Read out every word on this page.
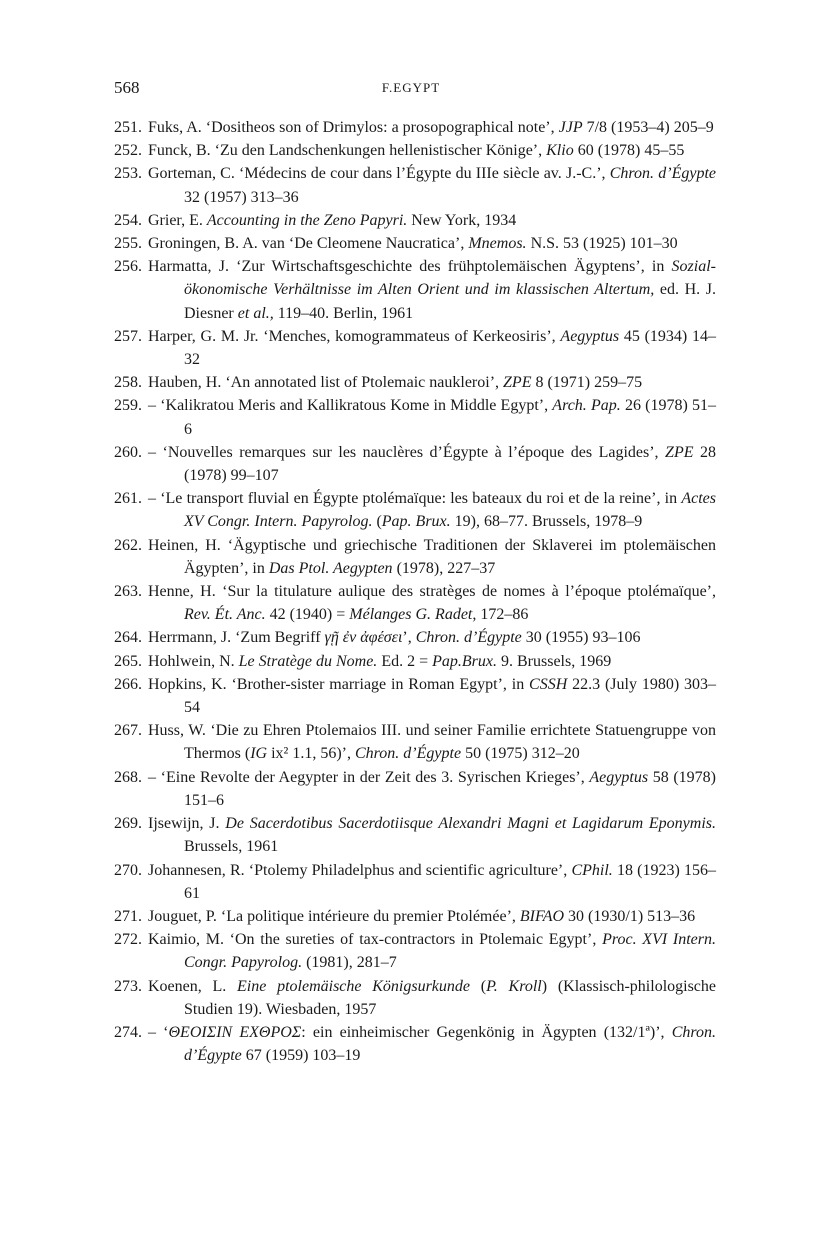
568	F.EGYPT
251. Fuks, A. ‘Dositheos son of Drimylos: a prosopographical note’, JJP 7/8 (1953–4) 205–9
252. Funck, B. ‘Zu den Landschenkungen hellenistischer Könige’, Klio 60 (1978) 45–55
253. Gorteman, C. ‘Médecins de cour dans l’Égypte du IIIe siècle av. J.-C.’, Chron. d’Égypte 32 (1957) 313–36
254. Grier, E. Accounting in the Zeno Papyri. New York, 1934
255. Groningen, B. A. van ‘De Cleomene Naucratica’, Mnemos. N.S. 53 (1925) 101–30
256. Harmatta, J. ‘Zur Wirtschaftsgeschichte des frühptolemäischen Ägyptens’, in Sozial-ökonomische Verhältnisse im Alten Orient und im klassischen Altertum, ed. H. J. Diesner et al., 119–40. Berlin, 1961
257. Harper, G. M. Jr. ‘Menches, komogrammateus of Kerkeosiris’, Aegyptus 45 (1934) 14–32
258. Hauben, H. ‘An annotated list of Ptolemaic naukleroi’, ZPE 8 (1971) 259–75
259. – ‘Kalikratou Meris and Kallikratous Kome in Middle Egypt’, Arch. Pap. 26 (1978) 51–6
260. – ‘Nouvelles remarques sur les nauclères d’Égypte à l’époque des Lagides’, ZPE 28 (1978) 99–107
261. – ‘Le transport fluvial en Égypte ptolémaïque: les bateaux du roi et de la reine’, in Actes XV Congr. Intern. Papyrolog. (Pap. Brux. 19), 68–77. Brussels, 1978–9
262. Heinen, H. ‘Ägyptische und griechische Traditionen der Sklaverei im ptolemäischen Ägypten’, in Das Ptol. Aegypten (1978), 227–37
263. Henne, H. ‘Sur la titulature aulique des stratèges de nomes à l’époque ptolémaïque’, Rev. Ét. Anc. 42 (1940) = Mélanges G. Radet, 172–86
264. Herrmann, J. ‘Zum Begriff γῇ ἐν ἀφέσει’, Chron. d’Égypte 30 (1955) 93–106
265. Hohlwein, N. Le Stratège du Nome. Ed. 2 = Pap.Brux. 9. Brussels, 1969
266. Hopkins, K. ‘Brother-sister marriage in Roman Egypt’, in CSSH 22.3 (July 1980) 303–54
267. Huss, W. ‘Die zu Ehren Ptolemaios III. und seiner Familie errichtete Statuengruppe von Thermos (IG ix² 1.1, 56)’, Chron. d’Égypte 50 (1975) 312–20
268. – ‘Eine Revolte der Aegypter in der Zeit des 3. Syrischen Krieges’, Aegyptus 58 (1978) 151–6
269. Ijsewijn, J. De Sacerdotibus Sacerdotiisque Alexandri Magni et Lagidarum Eponymis. Brussels, 1961
270. Johannesen, R. ‘Ptolemy Philadelphus and scientific agriculture’, CPhil. 18 (1923) 156–61
271. Jouguet, P. ‘La politique intérieure du premier Ptolémée’, BIFAO 30 (1930/1) 513–36
272. Kaimio, M. ‘On the sureties of tax-contractors in Ptolemaic Egypt’, Proc. XVI Intern. Congr. Papyrolog. (1981), 281–7
273. Koenen, L. Eine ptolemäische Königsurkunde (P. Kroll) (Klassisch-philologische Studien 19). Wiesbaden, 1957
274. – ‘ΘΕΟΙΣΙΝ ΕΧΘΡΟΣ: ein einheimischer Gegenkönig in Ägypten (132/1ª)’, Chron. d’Égypte 67 (1959) 103–19
